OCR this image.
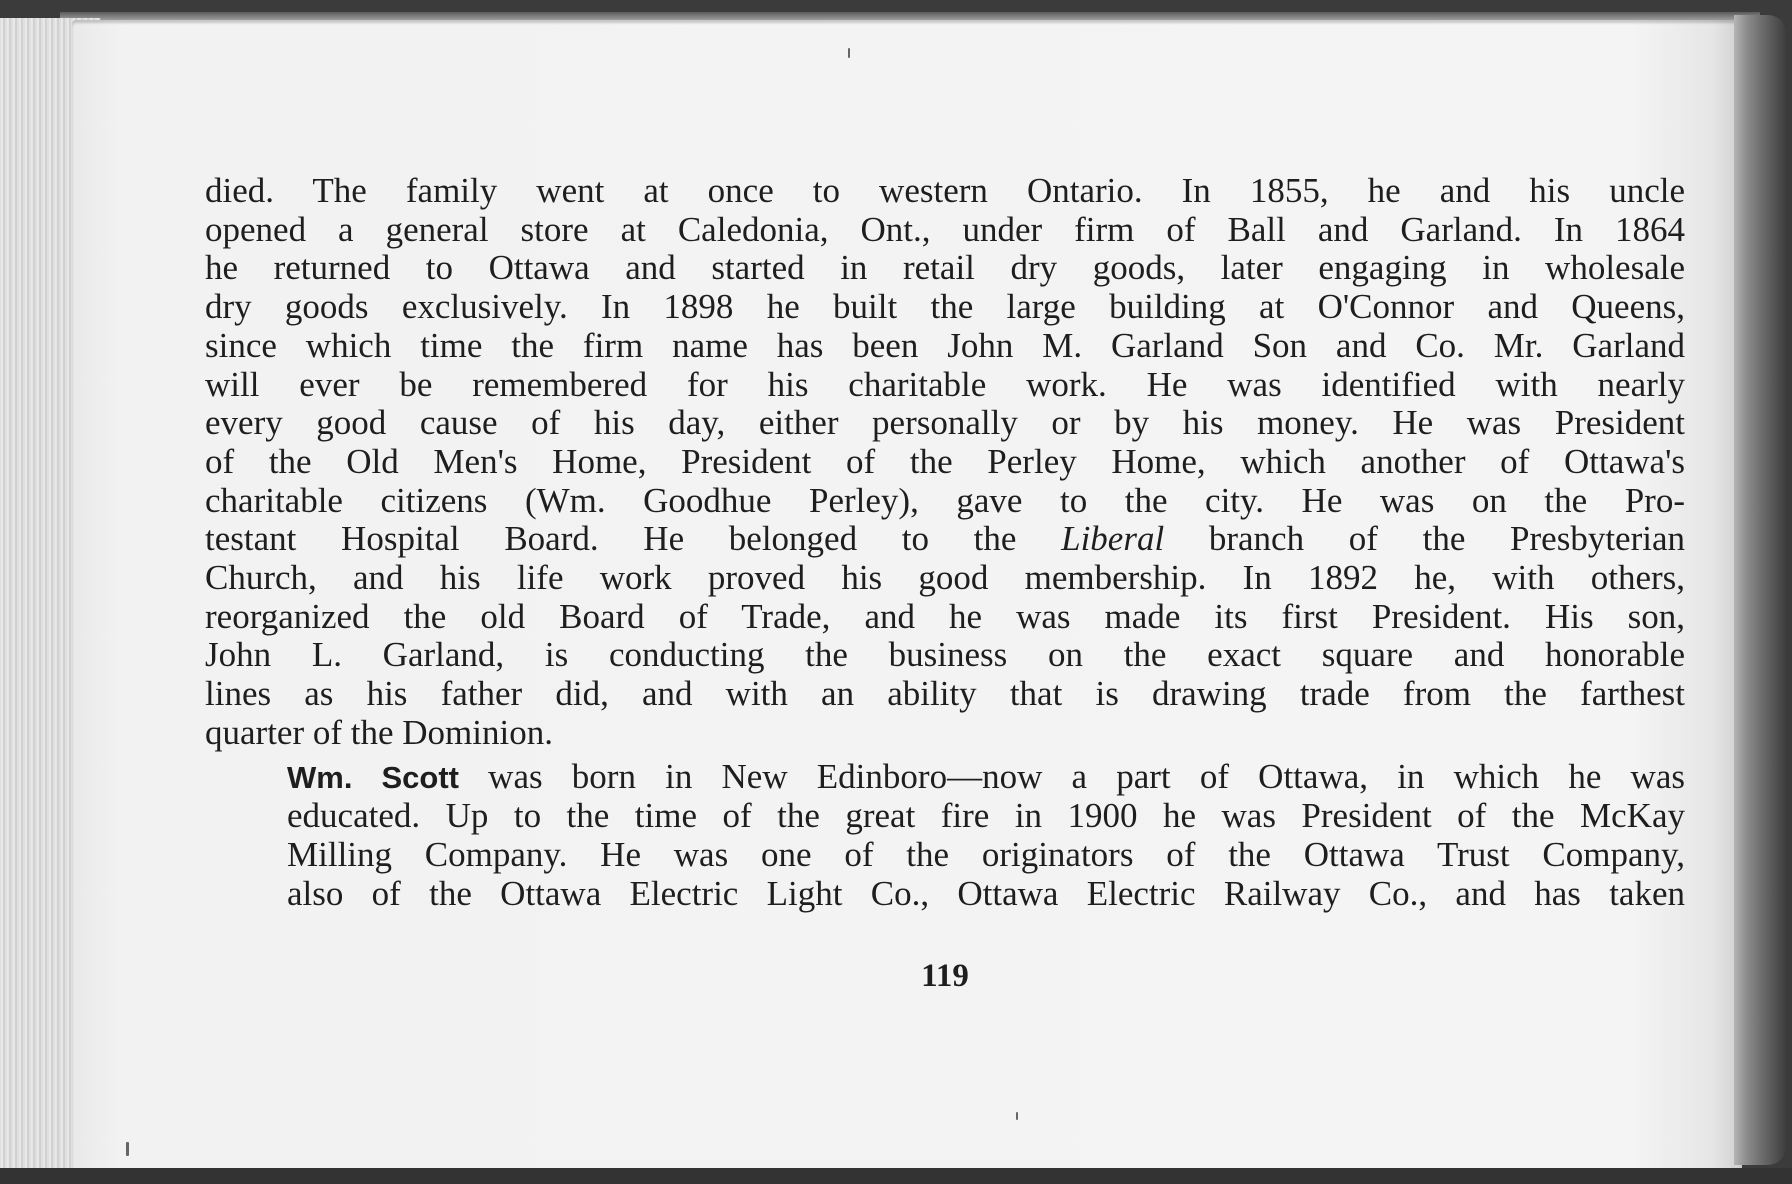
died. The family went at once to western Ontario. In 1855, he and his uncle
opened a general store at Caledonia, Ont., under firm of Ball and Garland. In 1864
he returned to Ottawa and started in retail dry goods, later engaging in wholesale
dry goods exclusively. In 1898 he built the large building at O'Connor and Queens,
since which time the firm name has been John M. Garland Son and Co. Mr. Garland
will ever be remembered for his charitable work. He was identified with nearly
every good cause of his day, either personally or by his money. He was President
of the Old Men's Home, President of the Perley Home, which another of Ottawa's
charitable citizens (Wm. Goodhue Perley), gave to the city. He was on the Pro-
testant Hospital Board. He belonged to the Liberal branch of the Presbyterian
Church, and his life work proved his good membership. In 1892 he, with others,
reorganized the old Board of Trade, and he was made its first President. His son,
John L. Garland, is conducting the business on the exact square and honorable
lines as his father did, and with an ability that is drawing trade from the farthest
quarter of the Dominion.

Wm. Scott was born in New Edinboro—now a part of Ottawa, in which he was
educated. Up to the time of the great fire in 1900 he was President of the McKay
Milling Company. He was one of the originators of the Ottawa Trust Company,
also of the Ottawa Electric Light Co., Ottawa Electric Railway Co., and has taken

119
